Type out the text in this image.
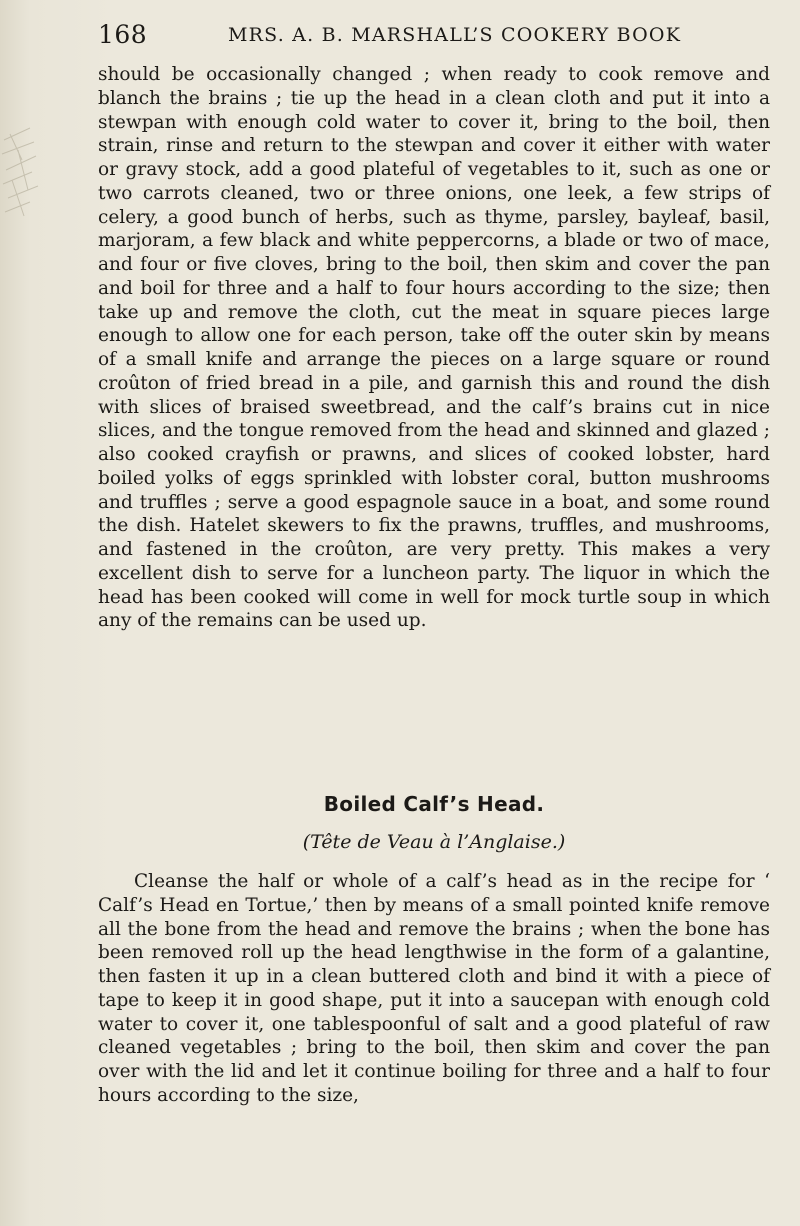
168	MRS. A. B. MARSHALL’S COOKERY BOOK

should be occasionally changed ; when ready to cook remove and blanch the brains ; tie up the head in a clean cloth and put it into a stewpan with enough cold water to cover it, bring to the boil, then strain, rinse and return to the stewpan and cover it either with water or gravy stock, add a good plateful of vegetables to it, such as one or two carrots cleaned, two or three onions, one leek, a few strips of celery, a good bunch of herbs, such as thyme, parsley, bayleaf, basil, marjoram, a few black and white peppercorns, a blade or two of mace, and four or five cloves, bring to the boil, then skim and cover the pan and boil for three and a half to four hours according to the size; then take up and remove the cloth, cut the meat in square pieces large enough to allow one for each person, take off the outer skin by means of a small knife and arrange the pieces on a large square or round croûton of fried bread in a pile, and garnish this and round the dish with slices of braised sweetbread, and the calf’s brains cut in nice slices, and the tongue removed from the head and skinned and glazed ; also cooked crayfish or prawns, and slices of cooked lobster, hard boiled yolks of eggs sprinkled with lobster coral, button mushrooms and truffles ; serve a good espagnole sauce in a boat, and some round the dish. Hatelet skewers to fix the prawns, truffles, and mushrooms, and fastened in the croûton, are very pretty. This makes a very excellent dish to serve for a luncheon party. The liquor in which the head has been cooked will come in well for mock turtle soup in which any of the remains can be used up.

Boiled Calf’s Head.

(Tête de Veau à l’Anglaise.)

Cleanse the half or whole of a calf’s head as in the recipe for ‘ Calf’s Head en Tortue,’ then by means of a small pointed knife remove all the bone from the head and remove the brains ; when the bone has been removed roll up the head lengthwise in the form of a galantine, then fasten it up in a clean buttered cloth and bind it with a piece of tape to keep it in good shape, put it into a saucepan with enough cold water to cover it, one tablespoonful of salt and a good plateful of raw cleaned vegetables ; bring to the boil, then skim and cover the pan over with the lid and let it continue boiling for three and a half to four hours according to the size,
